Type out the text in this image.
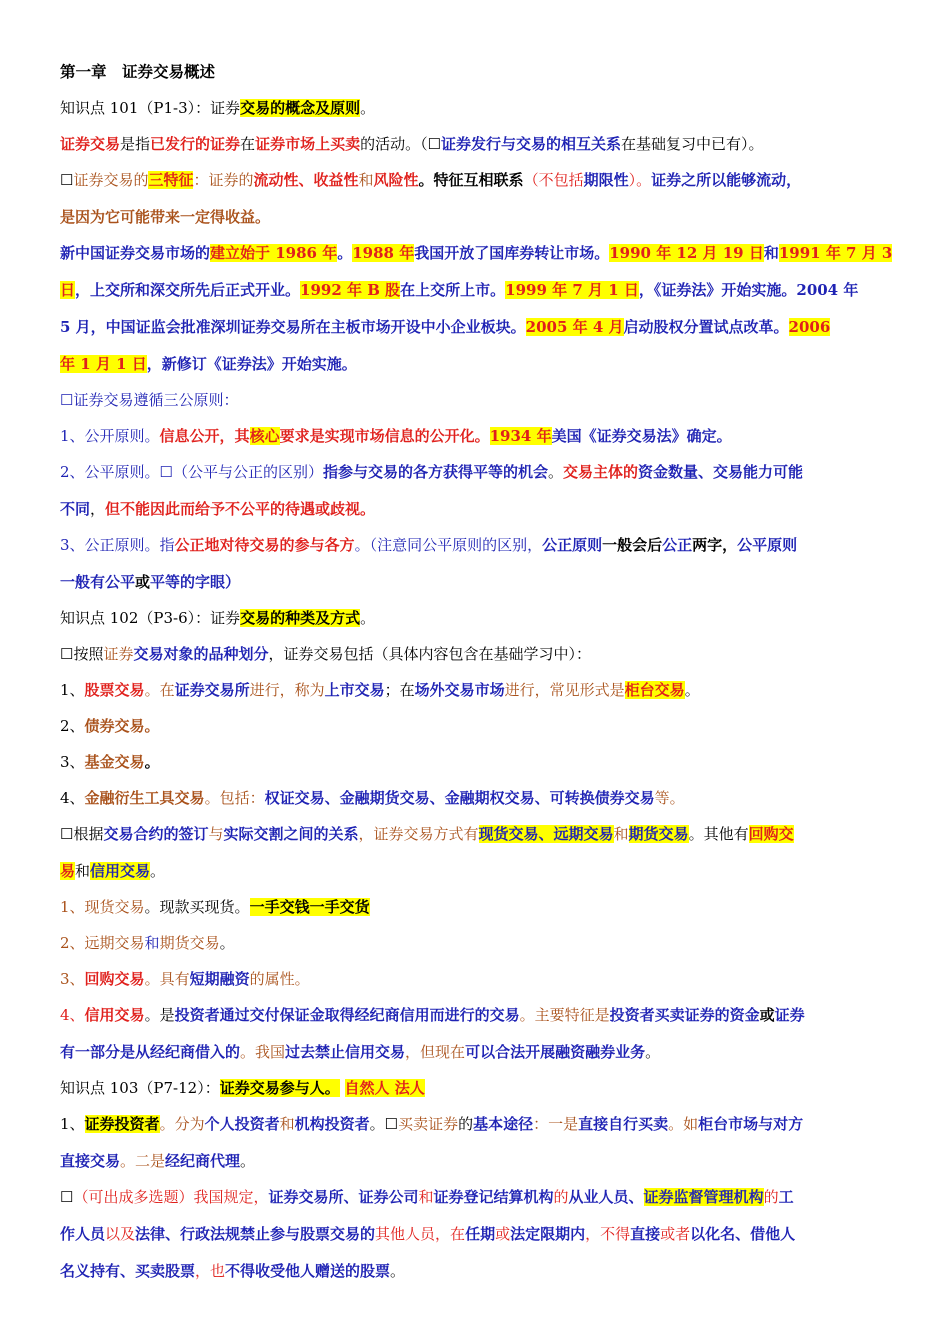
第一章　证券交易概述
知识点 101（P1-3）：证券交易的概念及原则。
证券交易是指已发行的证券在证券市场上买卖的活动。（☐证券发行与交易的相互关系在基础复习中已有）。
☐证券交易的三特征：证券的流动性、收益性和风险性。特征互相联系（不包括期限性）。证券之所以能够流动，
是因为它可能带来一定得收益。
新中国证券交易市场的建立始于 1986 年。1988 年我国开放了国库券转让市场。1990 年 12 月 19 日和1991 年 7 月 3
日，上交所和深交所先后正式开业。1992 年 B 股在上交所上市。1999 年 7 月 1 日，《证券法》开始实施。2004 年
5 月，中国证监会批准深圳证券交易所在主板市场开设中小企业板块。2005 年 4 月启动股权分置试点改革。2006
年 1 月 1 日，新修订《证券法》开始实施。
☐证券交易遵循三公原则：
1、公开原则。信息公开，其核心要求是实现市场信息的公开化。1934 年美国《证券交易法》确定。
2、公平原则。☐（公平与公正的区别）指参与交易的各方获得平等的机会。交易主体的资金数量、交易能力可能
不同，但不能因此而给予不公平的待遇或歧视。
3、公正原则。指公正地对待交易的参与各方。（注意同公平原则的区别，公正原则一般会后公正两字，公平原则
一般有公平或平等的字眼）
知识点 102（P3-6）：证券交易的种类及方式。
☐按照证券交易对象的品种划分，证券交易包括（具体内容包含在基础学习中）：
1、股票交易。在证券交易所进行，称为上市交易；在场外交易市场进行，常见形式是柜台交易。
2、债券交易。
3、基金交易。
4、金融衍生工具交易。包括：权证交易、金融期货交易、金融期权交易、可转换债券交易等。
☐根据交易合约的签订与实际交割之间的关系，证券交易方式有现货交易、远期交易和期货交易。其他有回购交
易和信用交易。
1、现货交易。现款买现货。一手交钱一手交货
2、远期交易和期货交易。
3、回购交易。具有短期融资的属性。
4、信用交易。是投资者通过交付保证金取得经纪商信用而进行的交易。主要特征是投资者买卖证券的资金或证券
有一部分是从经纪商借入的。我国过去禁止信用交易，但现在可以合法开展融资融券业务。
知识点 103（P7-12）：证券交易参与人。 自然人 法人
1、证券投资者。分为个人投资者和机构投资者。☐买卖证券的基本途径：一是直接自行买卖。如柜台市场与对方
直接交易。二是经纪商代理。
☐（可出成多选题）我国规定，证券交易所、证券公司和证券登记结算机构的从业人员、证券监督管理机构的工
作人员以及法律、行政法规禁止参与股票交易的其他人员，在任期或法定限期内，不得直接或者以化名、借他人
名义持有、买卖股票，也不得收受他人赠送的股票。
